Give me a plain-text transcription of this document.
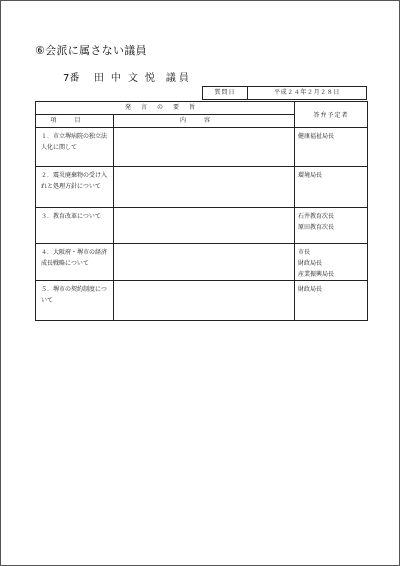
⑥会派に属さない議員
7番 田 中 文 悦 議 員
質問日	平成２４年２月２８日
発言の要旨		答弁予定者
項目	内容	
１．市立堺病院の独立法人化に関して		健康福祉局長

２．震災廃棄物の受け入れと処理方針について		環境局長

３．教育改革について		石井教育次長
原田教育次長

４．大阪府・堺市の経済成長戦略について		市長
財政局長
産業振興局長

５．堺市の契約制度について		財政局長
